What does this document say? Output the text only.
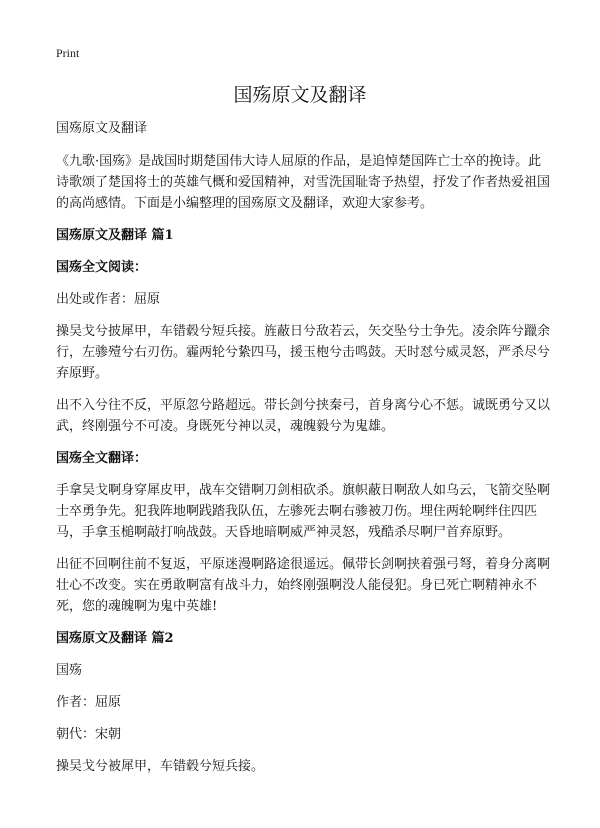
Print
国殇原文及翻译

国殇原文及翻译

《九歌·国殇》是战国时期楚国伟大诗人屈原的作品，是追悼楚国阵亡士卒的挽诗。此诗歌颂了楚国将士的英雄气概和爱国精神，对雪洗国耻寄予热望，抒发了作者热爱祖国的高尚感情。下面是小编整理的国殇原文及翻译，欢迎大家参考。

国殇原文及翻译 篇1
国殇全文阅读：

出处或作者：屈原

操吴戈兮披犀甲，车错毂兮短兵接。旌蔽日兮敌若云，矢交坠兮士争先。凌余阵兮躐余行，左骖殪兮右刃伤。霾两轮兮絷四马，援玉枹兮击鸣鼓。天时怼兮威灵怒，严杀尽兮弃原野。

出不入兮往不反，平原忽兮路超远。带长剑兮挟秦弓，首身离兮心不惩。诚既勇兮又以武，终刚强兮不可凌。身既死兮神以灵，魂魄毅兮为鬼雄。

国殇全文翻译：

手拿吴戈啊身穿犀皮甲，战车交错啊刀剑相砍杀。旗帜蔽日啊敌人如乌云，飞箭交坠啊士卒勇争先。犯我阵地啊践踏我队伍，左骖死去啊右骖被刀伤。埋住两轮啊绊住四匹马，手拿玉槌啊敲打响战鼓。天昏地暗啊威严神灵怒，残酷杀尽啊尸首弃原野。

出征不回啊往前不复返，平原迷漫啊路途很遥远。佩带长剑啊挟着强弓弩，着身分离啊壮心不改变。实在勇敢啊富有战斗力，始终刚强啊没人能侵犯。身已死亡啊精神永不死，您的魂魄啊为鬼中英雄!

国殇原文及翻译 篇2

国殇

作者：屈原

朝代：宋朝

操吴戈兮被犀甲，车错毂兮短兵接。
